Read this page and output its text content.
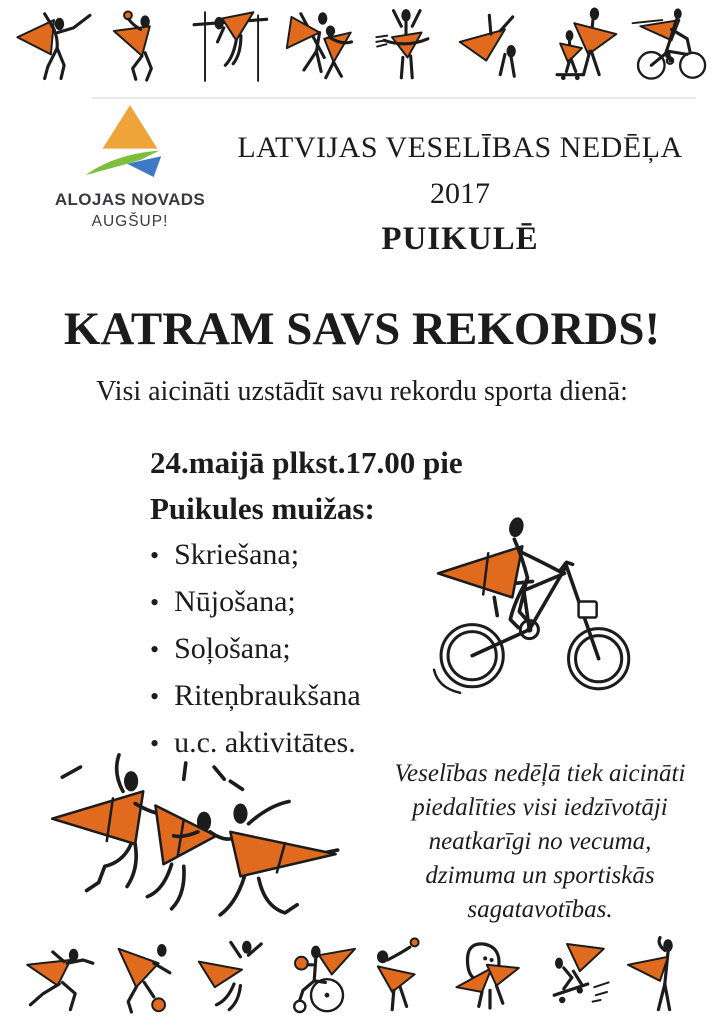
ALOJAS NOVADS
AUGŠUP!
LATVIJAS VESELĪBAS NEDĒĻA
2017
PUIKULĒ
KATRAM SAVS REKORDS!
Visi aicināti uzstādīt savu rekordu sporta dienā:
24.maijā plkst.17.00 pie
Puikules muižas:
• Skriešana;
• Nūjošana;
• Soļošana;
• Riteņbraukšana
• u.c. aktivitātes.
Veselības nedēļā tiek aicināti
piedalīties visi iedzīvotāji
neatkarīgi no vecuma,
dzimuma un sportiskās
sagatavotības.
